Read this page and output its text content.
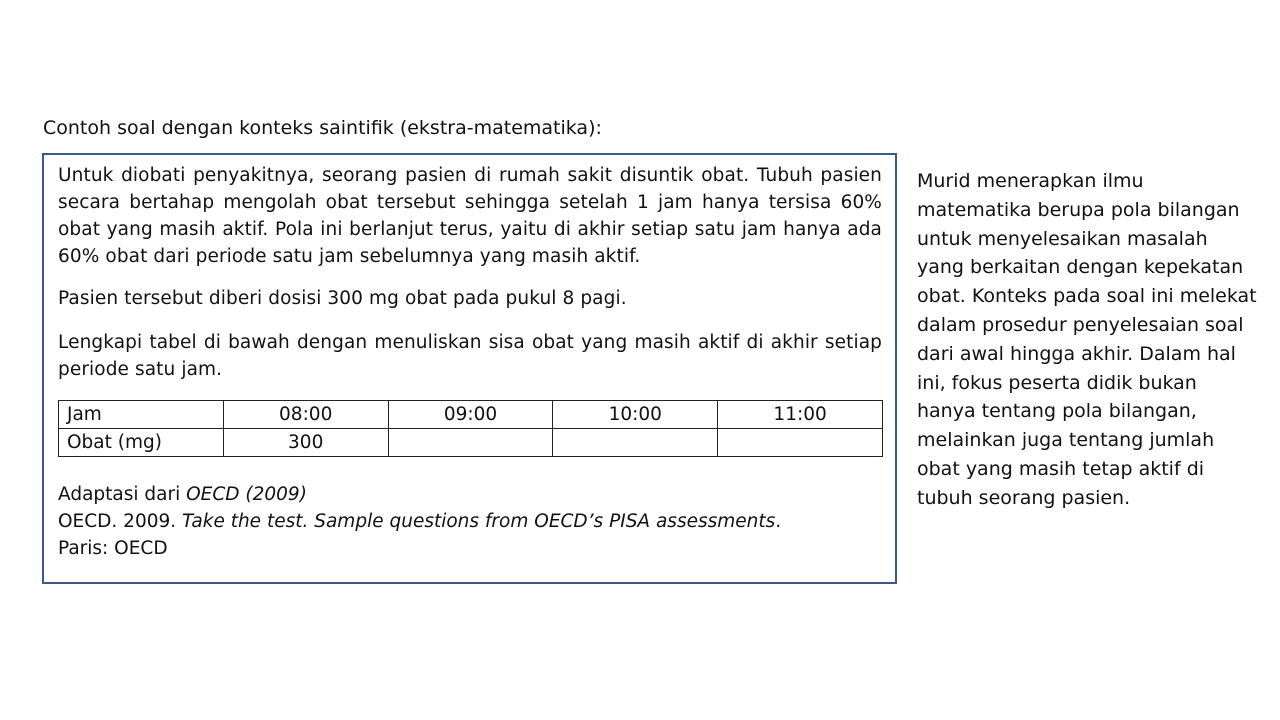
Contoh soal dengan konteks saintifik (ekstra-matematika):
Untuk diobati penyakitnya, seorang pasien di rumah sakit disuntik obat. Tubuh pasien secara bertahap mengolah obat tersebut sehingga setelah 1 jam hanya tersisa 60% obat yang masih aktif. Pola ini berlanjut terus, yaitu di akhir setiap satu jam hanya ada 60% obat dari periode satu jam sebelumnya yang masih aktif.
Pasien tersebut diberi dosisi 300 mg obat pada pukul 8 pagi.
Lengkapi tabel di bawah dengan menuliskan sisa obat yang masih aktif di akhir setiap periode satu jam.
Jam	08:00	09:00	10:00	11:00
Obat (mg)	300			
Adaptasi dari OECD (2009)
OECD. 2009. Take the test. Sample questions from OECD’s PISA assessments.
Paris: OECD
Murid menerapkan ilmu matematika berupa pola bilangan untuk menyelesaikan masalah yang berkaitan dengan kepekatan obat. Konteks pada soal ini melekat dalam prosedur penyelesaian soal dari awal hingga akhir. Dalam hal ini, fokus peserta didik bukan hanya tentang pola bilangan, melainkan juga tentang jumlah obat yang masih tetap aktif di tubuh seorang pasien.
